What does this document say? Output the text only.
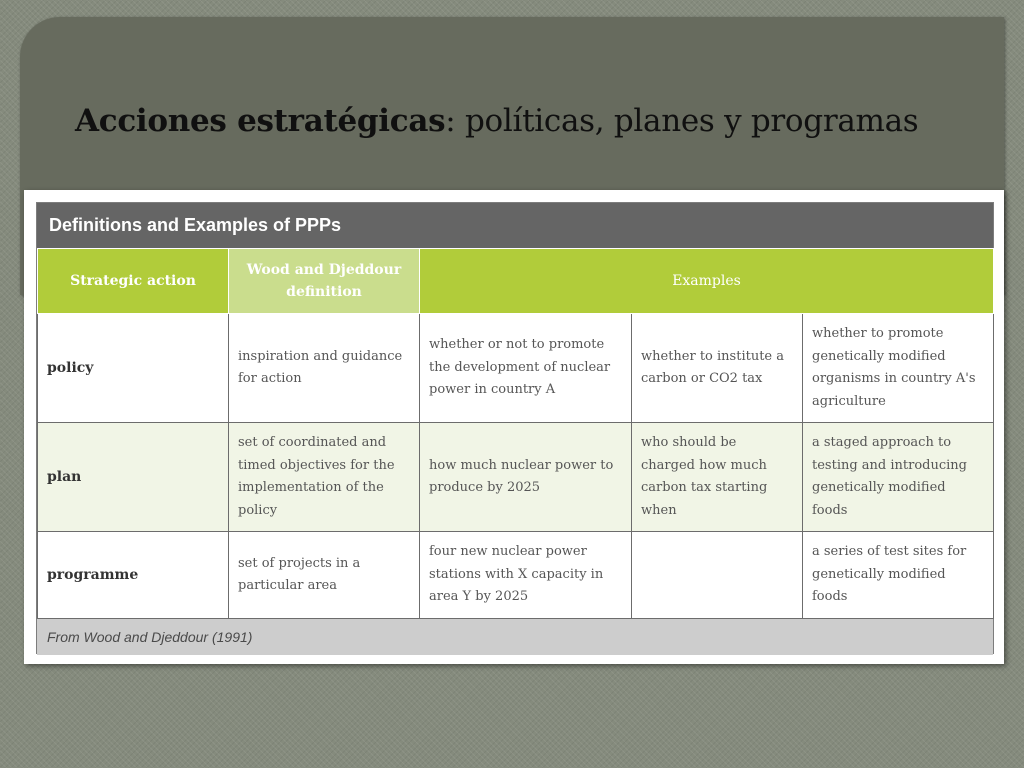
Acciones estratégicas: políticas, planes y programas
Definitions and Examples of PPPs
Strategic action	Wood and Djeddour definition	Examples		
policy	inspiration and guidance for action	whether or not to promote the development of nuclear power in country A	whether to institute a carbon or CO2 tax	whether to promote genetically modified organisms in country A's agriculture
plan	set of coordinated and timed objectives for the implementation of the policy	how much nuclear power to produce by 2025	who should be charged how much carbon tax starting when	a staged approach to testing and introducing genetically modified foods
programme	set of projects in a particular area	four new nuclear power stations with X capacity in area Y by 2025		a series of test sites for genetically modified foods
From Wood and Djeddour (1991)
